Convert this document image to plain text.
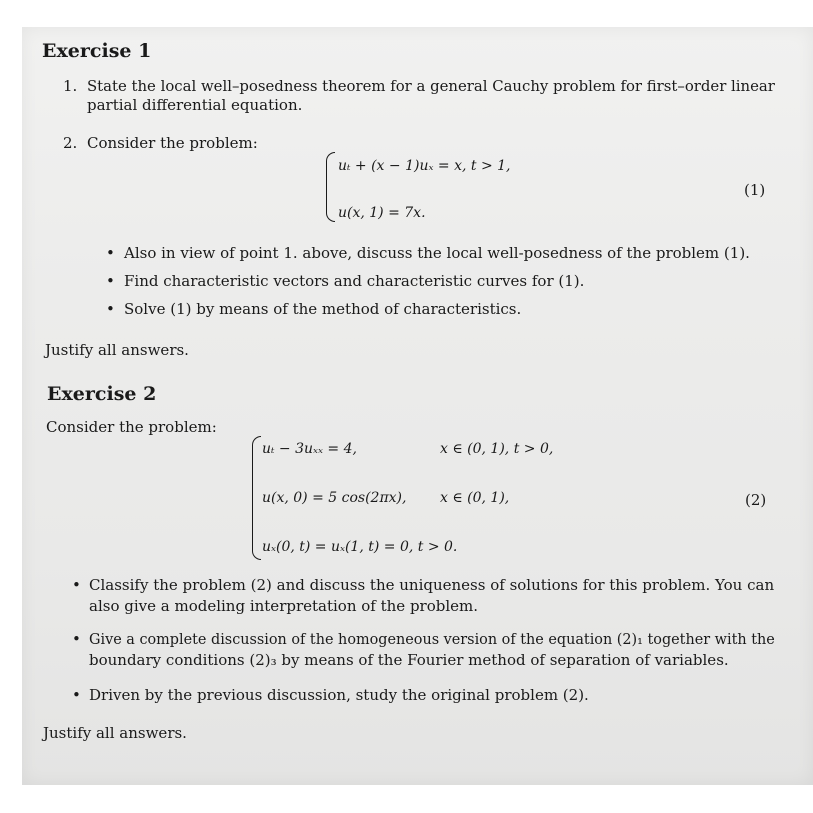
Exercise 1
1. State the local well–posedness theorem for a general Cauchy problem for first–order linear
partial differential equation.
2. Consider the problem:
uₜ + (x − 1)uₓ = x, t > 1,
u(x, 1) = 7x.
(1)
• Also in view of point 1. above, discuss the local well-posedness of the problem (1).
• Find characteristic vectors and characteristic curves for (1).
• Solve (1) by means of the method of characteristics.
Justify all answers.
Exercise 2
Consider the problem:
uₜ − 3uₓₓ = 4,	x ∈ (0, 1), t > 0,
u(x, 0) = 5 cos(2πx), x ∈ (0, 1),
uₓ(0, t) = uₓ(1, t) = 0, t > 0.
(2)
• Classify the problem (2) and discuss the uniqueness of solutions for this problem. You can
also give a modeling interpretation of the problem.
• Give a complete discussion of the homogeneous version of the equation (2)₁ together with the
boundary conditions (2)₃ by means of the Fourier method of separation of variables.
• Driven by the previous discussion, study the original problem (2).
Justify all answers.
